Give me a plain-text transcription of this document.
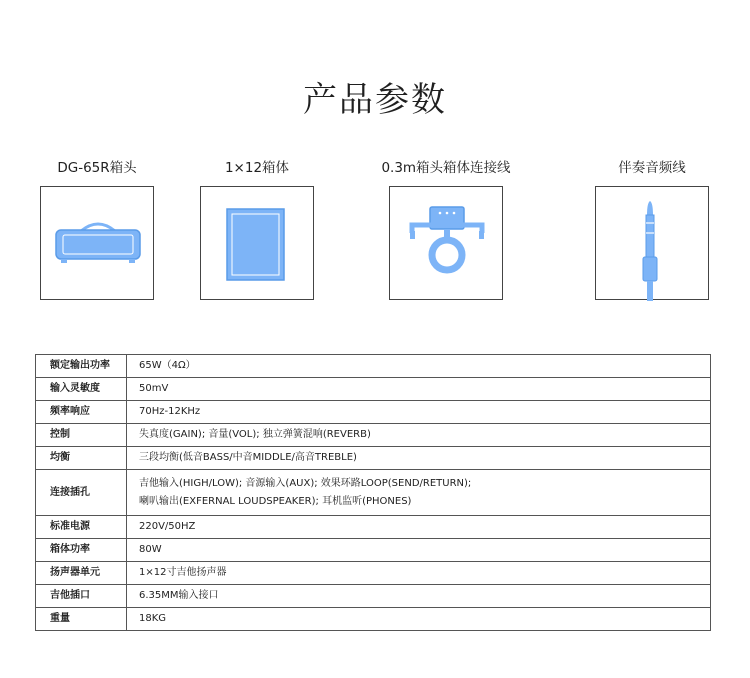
产品参数
DG-65R箱头	1×12箱体	0.3m箱头箱体连接线	伴奏音频线
额定输出功率	65W（4Ω）
输入灵敏度	50mV
频率响应	70Hz-12KHz
控制	失真度(GAIN); 音量(VOL); 独立弹簧混响(REVERB)
均衡	三段均衡(低音BASS/中音MIDDLE/高音TREBLE)
连接插孔	吉他输入(HIGH/LOW); 音源输入(AUX); 效果环路LOOP(SEND/RETURN);
喇叭输出(EXFERNAL LOUDSPEAKER); 耳机监听(PHONES)

标准电源	220V/50HZ
箱体功率	80W
扬声器单元	1×12寸吉他扬声器
吉他插口	6.35MM输入接口
重量	18KG
